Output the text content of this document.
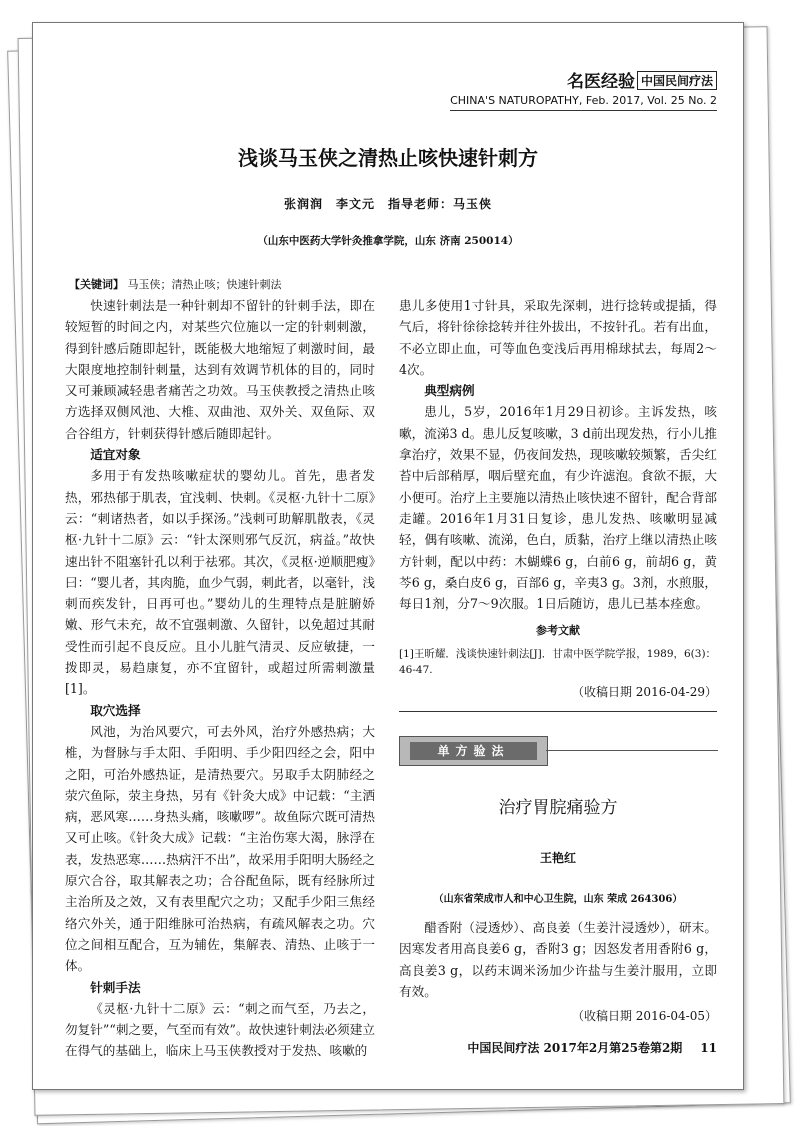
名医经验 中国民间疗法
CHINA'S NATUROPATHY, Feb. 2017, Vol. 25 No. 2
浅谈马玉侠之清热止咳快速针刺方
张润润　李文元　指导老师：马玉侠
（山东中医药大学针灸推拿学院，山东 济南 250014）
【关键词】 马玉侠；清热止咳；快速针刺法

快速针刺法是一种针刺却不留针的针刺手法，即在较短暂的时间之内，对某些穴位施以一定的针刺刺激，得到针感后随即起针，既能极大地缩短了刺激时间，最大限度地控制针刺量，达到有效调节机体的目的，同时又可兼顾减轻患者痛苦之功效。马玉侠教授之清热止咳方选择双侧风池、大椎、双曲池、双外关、双鱼际、双合谷组方，针刺获得针感后随即起针。

适宜对象

多用于有发热咳嗽症状的婴幼儿。首先，患者发热，邪热郁于肌表，宜浅刺、快刺。《灵枢·九针十二原》云：“刺诸热者，如以手探汤。”浅刺可助解肌散表，《灵枢·九针十二原》云：“针太深则邪气反沉，病益。”故快速出针不阻塞针孔以利于祛邪。其次，《灵枢·逆顺肥瘦》曰：“婴儿者，其肉脆，血少气弱，刺此者，以毫针，浅刺而疾发针，日再可也。”婴幼儿的生理特点是脏腑娇嫩、形气未充，故不宜强刺激、久留针，以免超过其耐受性而引起不良反应。且小儿脏气清灵、反应敏捷，一拨即灵，易趋康复，亦不宜留针，或超过所需刺激量[1]。

取穴选择

风池，为治风要穴，可去外风，治疗外感热病；大椎，为督脉与手太阳、手阳明、手少阳四经之会，阳中之阳，可治外感热证，是清热要穴。另取手太阴肺经之荥穴鱼际，荥主身热，另有《针灸大成》中记载：“主洒病，恶风寒……身热头痛，咳嗽啰”。故鱼际穴既可清热又可止咳。《针灸大成》记载：“主治伤寒大渴，脉浮在表，发热恶寒……热病汗不出”，故采用手阳明大肠经之原穴合谷，取其解表之功；合谷配鱼际，既有经脉所过主治所及之效，又有表里配穴之功；又配手少阳三焦经络穴外关，通于阳维脉可治热病，有疏风解表之功。穴位之间相互配合，互为辅佐，集解表、清热、止咳于一体。

针刺手法

《灵枢·九针十二原》云：“刺之而气至，乃去之，勿复针”“刺之要，气至而有效”。故快速针刺法必须建立在得气的基础上，临床上马玉侠教授对于发热、咳嗽的

患儿多使用1寸针具，采取先深刺，进行捻转或提插，得气后，将针徐徐捻转并往外拔出，不按针孔。若有出血，不必立即止血，可等血色变浅后再用棉球拭去，每周2～4次。

典型病例

患儿，5岁，2016年1月29日初诊。主诉发热，咳嗽，流涕3 d。患儿反复咳嗽，3 d前出现发热，行小儿推拿治疗，效果不显，仍夜间发热，现咳嗽较频繁，舌尖红苔中后部稍厚，咽后壁充血，有少许滤泡。食欲不振，大小便可。治疗上主要施以清热止咳快速不留针，配合背部走罐。2016年1月31日复诊，患儿发热、咳嗽明显减轻，偶有咳嗽、流涕，色白，质黏，治疗上继以清热止咳方针刺，配以中药：木蝴蝶6 g，白前6 g，前胡6 g，黄芩6 g，桑白皮6 g，百部6 g，辛夷3 g。3剂，水煎服，每日1剂，分7～9次服。1日后随访，患儿已基本痊愈。

参考文献
[1]王昕耀．浅谈快速针刺法[J]．甘肃中医学院学报，1989，6(3)：46-47.
（收稿日期 2016-04-29）
单方验法
治疗胃脘痛验方
王艳红
（山东省荣成市人和中心卫生院，山东 荣成 264306）

醋香附（浸透炒）、高良姜（生姜汁浸透炒），研末。因寒发者用高良姜6 g，香附3 g；因怒发者用香附6 g，高良姜3 g，以药末调米汤加少许盐与生姜汁服用，立即有效。

（收稿日期 2016-04-05）
中国民间疗法 2017年2月第25卷第2期 11
